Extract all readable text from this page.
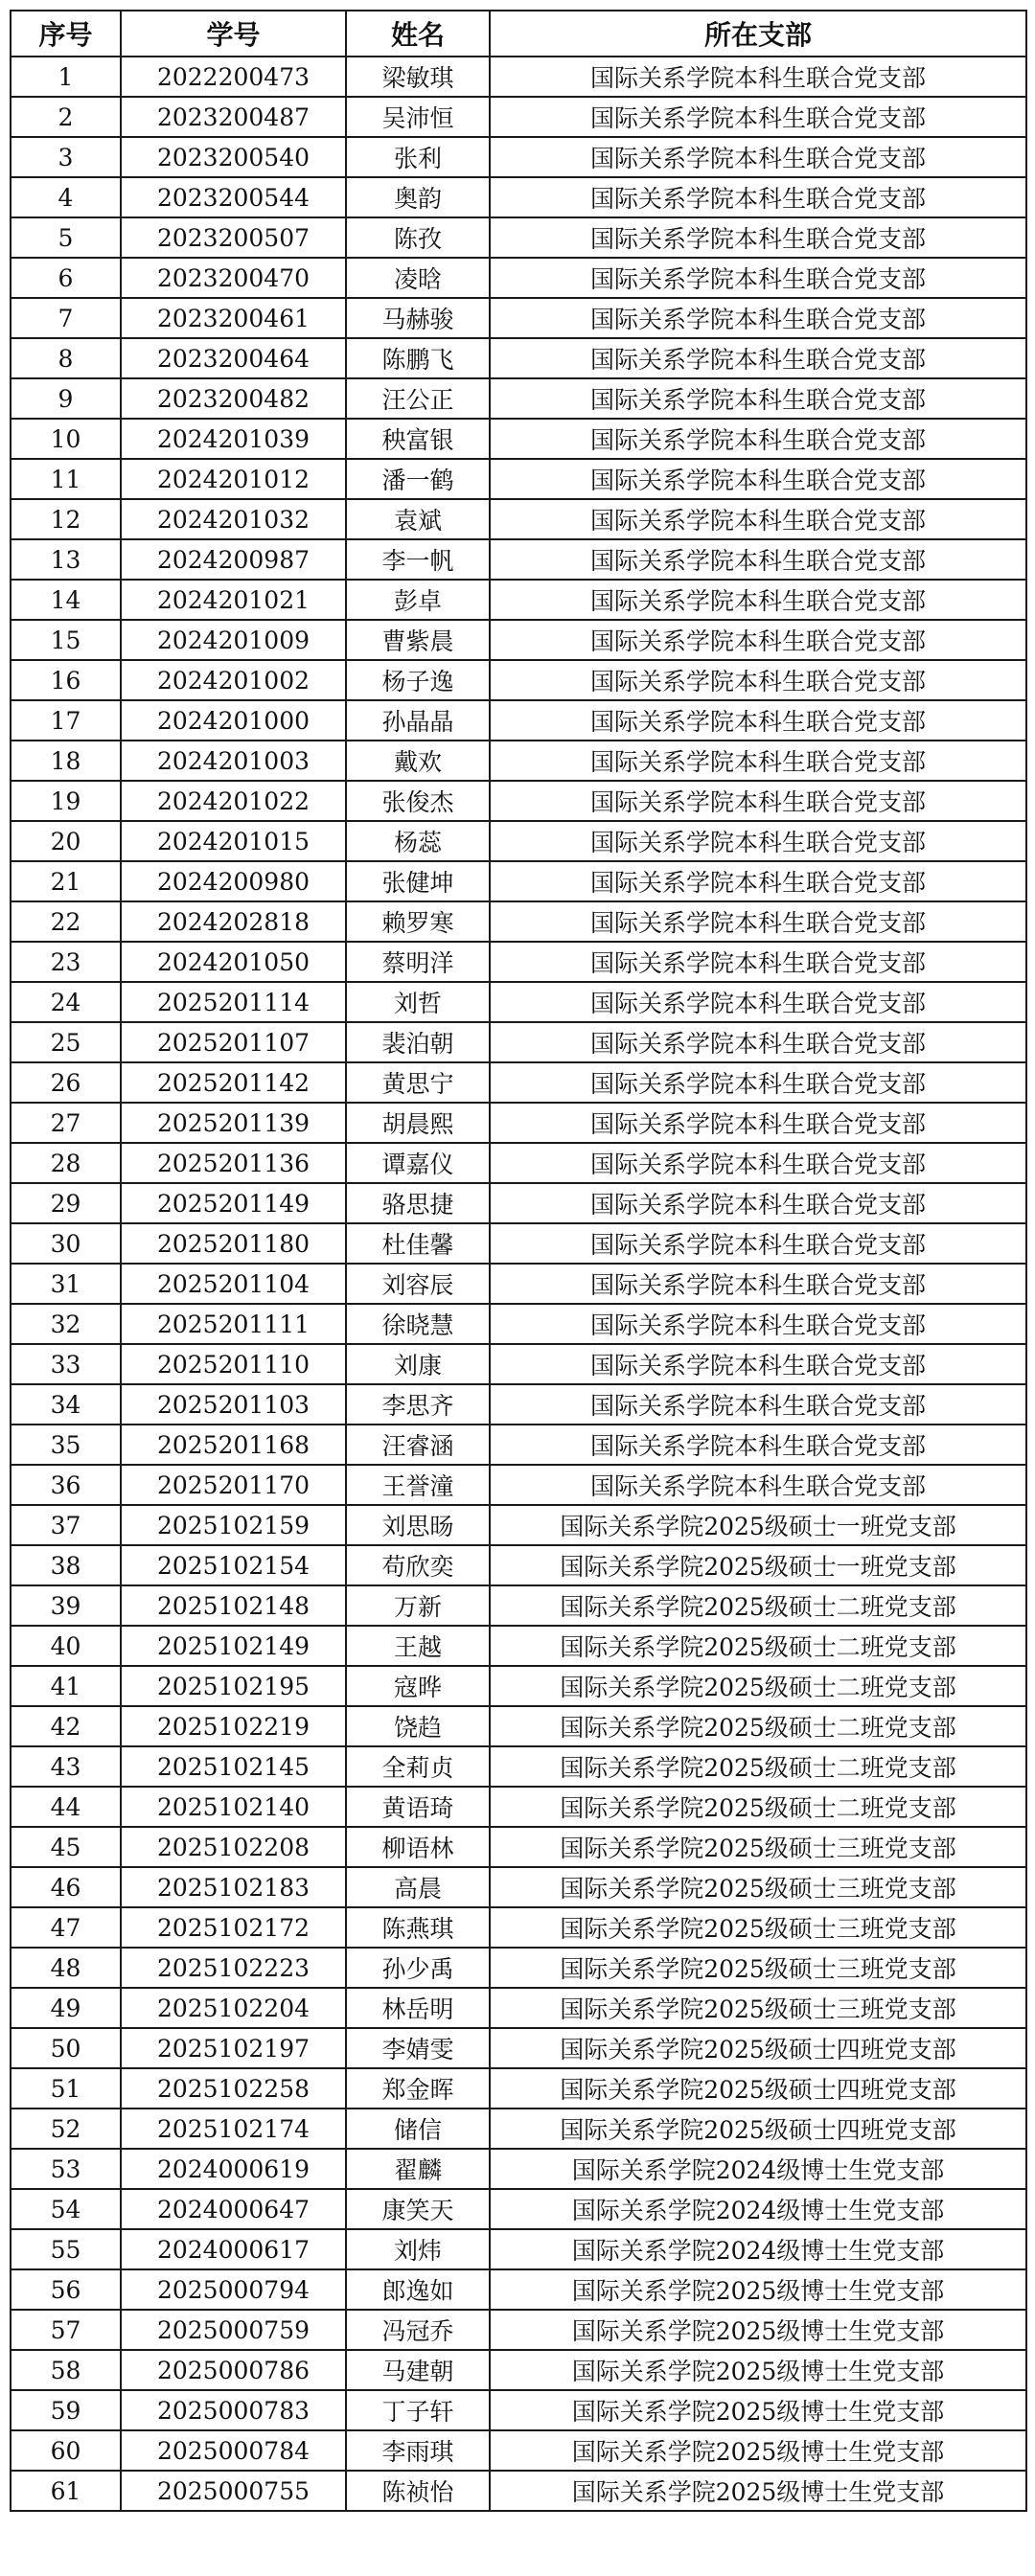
序号	学号	姓名	所在支部
1	2022200473	梁敏琪	国际关系学院本科生联合党支部
2	2023200487	吴沛恒	国际关系学院本科生联合党支部
3	2023200540	张利	国际关系学院本科生联合党支部
4	2023200544	奥韵	国际关系学院本科生联合党支部
5	2023200507	陈孜	国际关系学院本科生联合党支部
6	2023200470	凌晗	国际关系学院本科生联合党支部
7	2023200461	马赫骏	国际关系学院本科生联合党支部
8	2023200464	陈鹏飞	国际关系学院本科生联合党支部
9	2023200482	汪公正	国际关系学院本科生联合党支部
10	2024201039	秧富银	国际关系学院本科生联合党支部
11	2024201012	潘一鹤	国际关系学院本科生联合党支部
12	2024201032	袁斌	国际关系学院本科生联合党支部
13	2024200987	李一帆	国际关系学院本科生联合党支部
14	2024201021	彭卓	国际关系学院本科生联合党支部
15	2024201009	曹紫晨	国际关系学院本科生联合党支部
16	2024201002	杨子逸	国际关系学院本科生联合党支部
17	2024201000	孙晶晶	国际关系学院本科生联合党支部
18	2024201003	戴欢	国际关系学院本科生联合党支部
19	2024201022	张俊杰	国际关系学院本科生联合党支部
20	2024201015	杨蕊	国际关系学院本科生联合党支部
21	2024200980	张健坤	国际关系学院本科生联合党支部
22	2024202818	赖罗寒	国际关系学院本科生联合党支部
23	2024201050	蔡明洋	国际关系学院本科生联合党支部
24	2025201114	刘哲	国际关系学院本科生联合党支部
25	2025201107	裴泊朝	国际关系学院本科生联合党支部
26	2025201142	黄思宁	国际关系学院本科生联合党支部
27	2025201139	胡晨熙	国际关系学院本科生联合党支部
28	2025201136	谭嘉仪	国际关系学院本科生联合党支部
29	2025201149	骆思捷	国际关系学院本科生联合党支部
30	2025201180	杜佳馨	国际关系学院本科生联合党支部
31	2025201104	刘容辰	国际关系学院本科生联合党支部
32	2025201111	徐晓慧	国际关系学院本科生联合党支部
33	2025201110	刘康	国际关系学院本科生联合党支部
34	2025201103	李思齐	国际关系学院本科生联合党支部
35	2025201168	汪睿涵	国际关系学院本科生联合党支部
36	2025201170	王誉潼	国际关系学院本科生联合党支部
37	2025102159	刘思旸	国际关系学院2025级硕士一班党支部
38	2025102154	苟欣奕	国际关系学院2025级硕士一班党支部
39	2025102148	万新	国际关系学院2025级硕士二班党支部
40	2025102149	王越	国际关系学院2025级硕士二班党支部
41	2025102195	寇晔	国际关系学院2025级硕士二班党支部
42	2025102219	饶趋	国际关系学院2025级硕士二班党支部
43	2025102145	全莉贞	国际关系学院2025级硕士二班党支部
44	2025102140	黄语琦	国际关系学院2025级硕士二班党支部
45	2025102208	柳语林	国际关系学院2025级硕士三班党支部
46	2025102183	高晨	国际关系学院2025级硕士三班党支部
47	2025102172	陈燕琪	国际关系学院2025级硕士三班党支部
48	2025102223	孙少禹	国际关系学院2025级硕士三班党支部
49	2025102204	林岳明	国际关系学院2025级硕士三班党支部
50	2025102197	李婧雯	国际关系学院2025级硕士四班党支部
51	2025102258	郑金晖	国际关系学院2025级硕士四班党支部
52	2025102174	储信	国际关系学院2025级硕士四班党支部
53	2024000619	翟麟	国际关系学院2024级博士生党支部
54	2024000647	康笑天	国际关系学院2024级博士生党支部
55	2024000617	刘炜	国际关系学院2024级博士生党支部
56	2025000794	郎逸如	国际关系学院2025级博士生党支部
57	2025000759	冯冠乔	国际关系学院2025级博士生党支部
58	2025000786	马建朝	国际关系学院2025级博士生党支部
59	2025000783	丁子轩	国际关系学院2025级博士生党支部
60	2025000784	李雨琪	国际关系学院2025级博士生党支部
61	2025000755	陈祯怡	国际关系学院2025级博士生党支部
